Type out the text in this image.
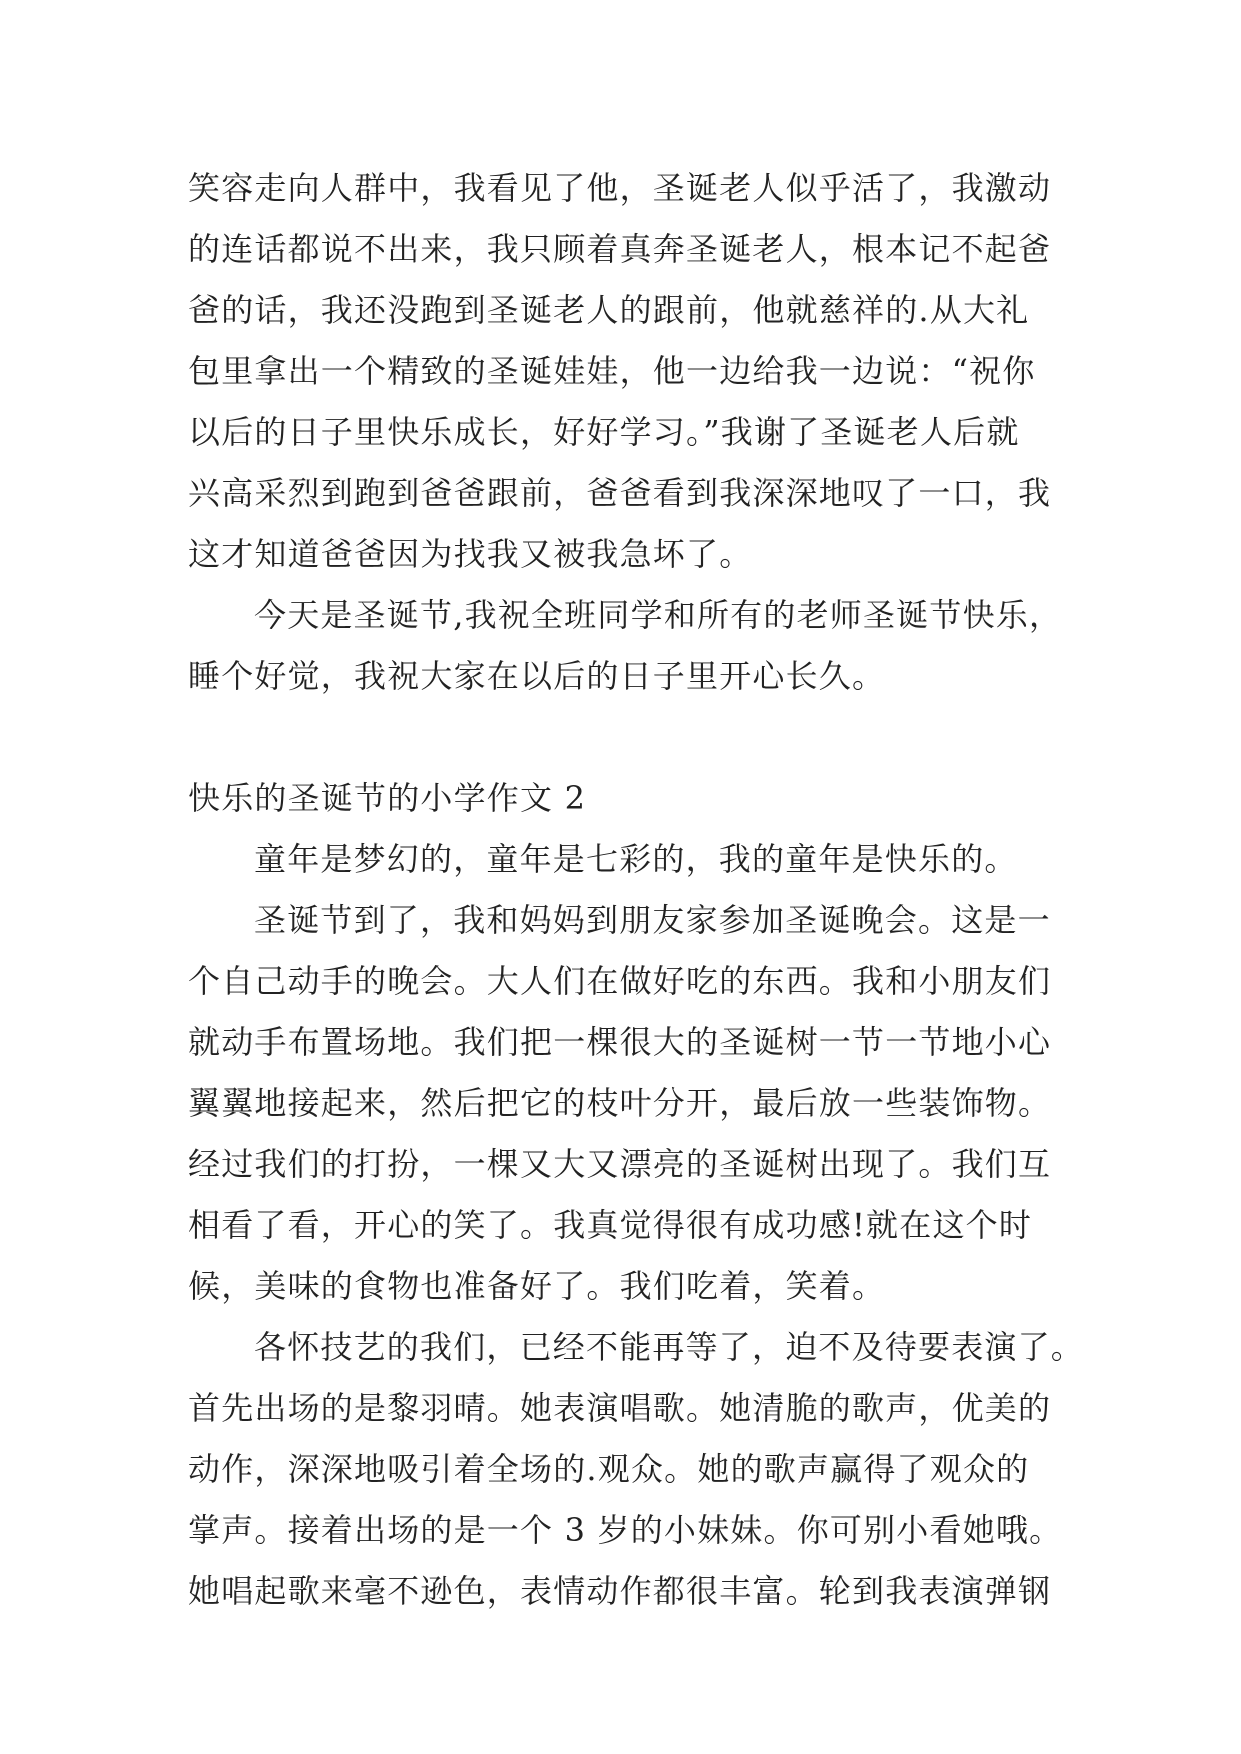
笑容走向人群中，我看见了他，圣诞老人似乎活了，我激动
的连话都说不出来，我只顾着真奔圣诞老人，根本记不起爸
爸的话，我还没跑到圣诞老人的跟前，他就慈祥的.从大礼
包里拿出一个精致的圣诞娃娃，他一边给我一边说：“祝你
以后的日子里快乐成长，好好学习。”我谢了圣诞老人后就
兴高采烈到跑到爸爸跟前，爸爸看到我深深地叹了一口，我
这才知道爸爸因为找我又被我急坏了。
今天是圣诞节,我祝全班同学和所有的老师圣诞节快乐，
睡个好觉，我祝大家在以后的日子里开心长久。
快乐的圣诞节的小学作文 2
童年是梦幻的，童年是七彩的，我的童年是快乐的。
圣诞节到了，我和妈妈到朋友家参加圣诞晚会。这是一
个自己动手的晚会。大人们在做好吃的东西。我和小朋友们
就动手布置场地。我们把一棵很大的圣诞树一节一节地小心
翼翼地接起来，然后把它的枝叶分开，最后放一些装饰物。
经过我们的打扮，一棵又大又漂亮的圣诞树出现了。我们互
相看了看，开心的笑了。我真觉得很有成功感!就在这个时
候，美味的食物也准备好了。我们吃着，笑着。
各怀技艺的我们，已经不能再等了，迫不及待要表演了。
首先出场的是黎羽晴。她表演唱歌。她清脆的歌声，优美的
动作，深深地吸引着全场的.观众。她的歌声赢得了观众的
掌声。接着出场的是一个 3 岁的小妹妹。你可别小看她哦。
她唱起歌来毫不逊色，表情动作都很丰富。轮到我表演弹钢
